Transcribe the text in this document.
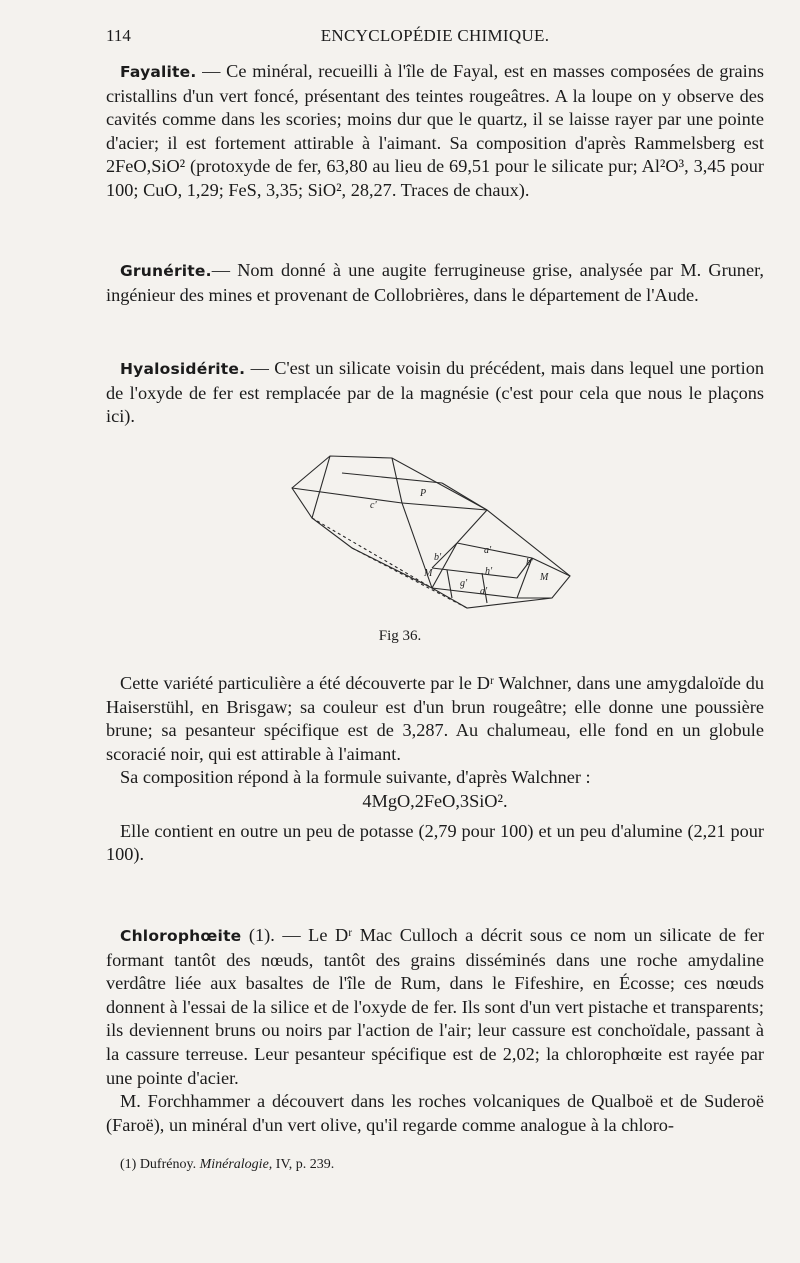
114	ENCYCLOPÉDIE CHIMIQUE.

Fayalite. — Ce minéral, recueilli à l'île de Fayal, est en masses composées de grains cristallins d'un vert foncé, présentant des teintes rougeâtres. A la loupe on y observe des cavités comme dans les scories; moins dur que le quartz, il se laisse rayer par une pointe d'acier; il est fortement attirable à l'aimant. Sa composition d'après Rammelsberg est 2FeO,SiO² (protoxyde de fer, 63,80 au lieu de 69,51 pour le silicate pur; Al²O³, 3,45 pour 100; CuO, 1,29; FeS, 3,35; SiO², 28,27. Traces de chaux).

Grunérite.— Nom donné à une augite ferrugineuse grise, analysée par M. Gruner, ingénieur des mines et provenant de Collobrières, dans le département de l'Aude.

Hyalosidérite. — C'est un silicate voisin du précédent, mais dans lequel une portion de l'oxyde de fer est remplacée par de la magnésie (c'est pour cela que nous le plaçons ici).

P
c'
b'
a'
M	M
h'
b'
a'
g'
Fig 36.

Cette variété particulière a été découverte par le Dʳ Walchner, dans une amygdaloïde du Haiserstühl, en Brisgaw; sa couleur est d'un brun rougeâtre; elle donne une poussière brune; sa pesanteur spécifique est de 3,287. Au chalumeau, elle fond en un globule scoracié noir, qui est attirable à l'aimant.

Sa composition répond à la formule suivante, d'après Walchner :

4MgO,2FeO,3SiO².

Elle contient en outre un peu de potasse (2,79 pour 100) et un peu d'alumine (2,21 pour 100).

Chlorophœite (1). — Le Dʳ Mac Culloch a décrit sous ce nom un silicate de fer formant tantôt des nœuds, tantôt des grains disséminés dans une roche amydaline verdâtre liée aux basaltes de l'île de Rum, dans le Fifeshire, en Écosse; ces nœuds donnent à l'essai de la silice et de l'oxyde de fer. Ils sont d'un vert pistache et transparents; ils deviennent bruns ou noirs par l'action de l'air; leur cassure est conchoïdale, passant à la cassure terreuse. Leur pesanteur spécifique est de 2,02; la chlorophœite est rayée par une pointe d'acier.

M. Forchhammer a découvert dans les roches volcaniques de Qualboë et de Suderoë (Faroë), un minéral d'un vert olive, qu'il regarde comme analogue à la chloro-

(1) Dufrénoy. Minéralogie, IV, p. 239.
